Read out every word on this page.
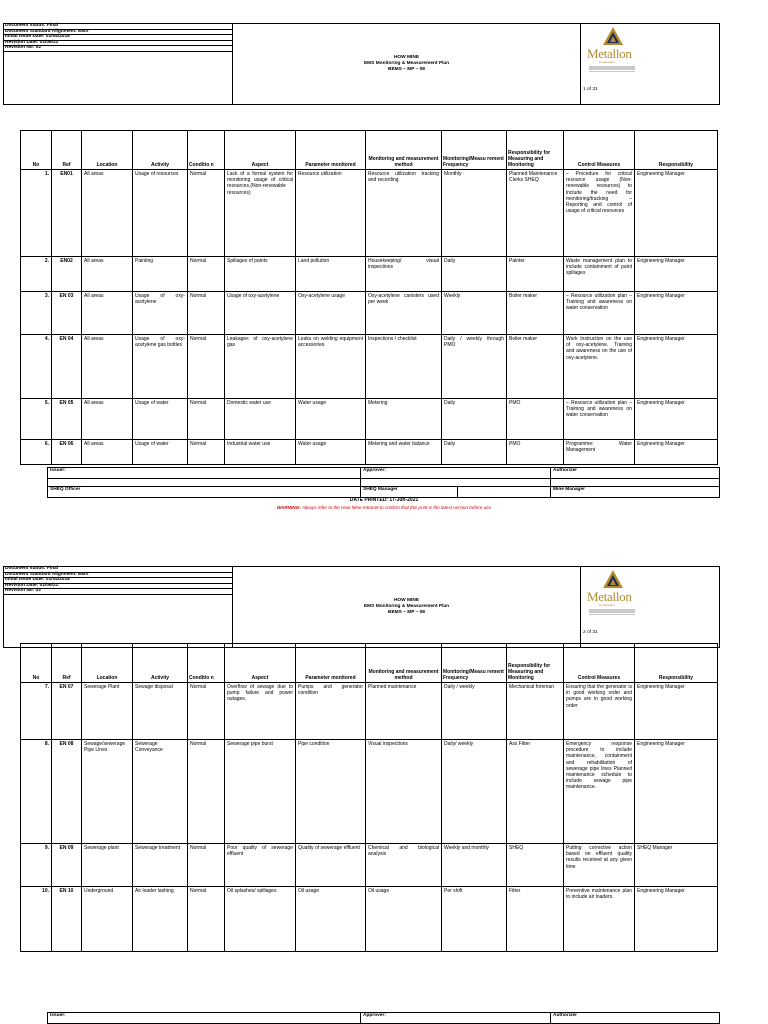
Document status: Final	
HOW MINE
EMS Monitoring & Measurement Plan
BEMS – MP – 08

Metallon
Corporation
1 of 31

Document Standard Alignment: EMS
Initial Issue Date: 01/04/2018
Revision Date: 01/06/21
Revision No: 02

No	Ref	Location	Activity	Conditio n	Aspect	Parameter monitored	Monitoring and measurement method	Monitoring/Measu rement Frequency	Responsibility for Measuring and Monitoring	Control Measures	Responsibility
1.	EN01	All areas	Usage of resources	Normal	Lack of a formal system for monitoring usage of critical resources.(Non-renewable resources)	Resource utilization	Resource utilization tracking and recording	Monthly	Planned Maintenance Clerks SHEQ	– Procedure for critical resource usage (Non-renewable resources) to include the need for monitoring/tracking – Reporting and control of usage of critical resources	Engineering Manager
2.	EN02	All areas	Painting	Normal	Spillages of paints	Land pollution	Housekeeping/ visual inspections	Daily	Painter	Waste management plan to include containment of paint spillages	Engineering Manager
3.	EN 03	All areas	Usage of oxy-acetylene	Normal	Usage of oxy-acetylene	Oxy-acetylene usage	Oxy-acetylene canisters used per week	Weekly	Boiler maker	– Resource utilization plan – Training and awareness on water conservation	Engineering Manager
4.	EN 04	All areas	Usage of oxy-acetylene gas bottles	Normal	Leakages of oxy-acetylene gas	Leaks on welding equipment accessories	Inspections / checklist	Daily / weekly through PMO	Boiler maker	Work Instruction on the use of oxy-acetylene. Training and awareness on the use of oxy-acetylene.	Engineering Manager
5.	EN 05	All areas	Usage of water	Normal	Domestic water use	Water usage	Metering	Daily	PMO	– Resource utilization plan – Training and awareness on water conservation	Engineering Manager
6.	EN 06	All areas	Usage of water	Normal	Industrial water use	Water usage	Metering and water balance	Daily	PMO	Programme: Water Management	Engineering Manager
Issuer:	Approver:		Authorizer

SHEQ Officer	SHEQ Manager		Mine Manager
DATE PRINTED: 17-Jun-2021
WARNING: Always refer to the How Mine Intranet to confirm that this print is the latest version before use
Document status: Final	
HOW MINE
EMS Monitoring & Measurement Plan
BEMS – MP – 08

Metallon
Corporation
2 of 31

Document Standard Alignment: EMS
Initial Issue Date: 01/04/2018
Revision Date: 01/06/21
Revision No: 02

No	Ref	Location	Activity	Conditio n	Aspect	Parameter monitored	Monitoring and measurement method	Monitoring/Measu rement Frequency	Responsibility for Measuring and Monitoring	Control Measures	Responsibility
7.	EN 07	Sewerage Plant	Sewage disposal	Normal	Overflow of sewage due to pump failure and power outages.	Pumps and generator condition	Planned maintenance	Daily / weekly	Mechanical foreman	Ensuring that the generator is in good working order and pumps are in good working order	Engineering Manager
8.	EN 08	Sewage/sewerage Pipe Lines	Sewerage Conveyance	Normal	Sewerage pipe burst	Pipe condition	Visual inspections	Daily/ weekly	Ass Fitter	Emergency response procedure to include maintenance, containment and rehabilitation of sewerage pipe lines Planned maintenance schedule to include sewage pipe maintenance.	Engineering Manager
9.	EN 09	Sewerage plant	Sewerage treatment	Normal	Poor quality of sewerage effluent	Quality of sewerage effluent	Chemical and biological analysis	Weekly and monthly	SHEQ	Putting corrective action based on effluent quality results received at any given time	SHEQ Manager
10.	EN 10	Underground	Air loader lashing	Normal	Oil splashes/ spillages	Oil usage	Oil usage	Per shift	Fitter	Preventive maintenance plan to include air loaders.	Engineering Manager
Issuer:	Approver:	Authorizer
